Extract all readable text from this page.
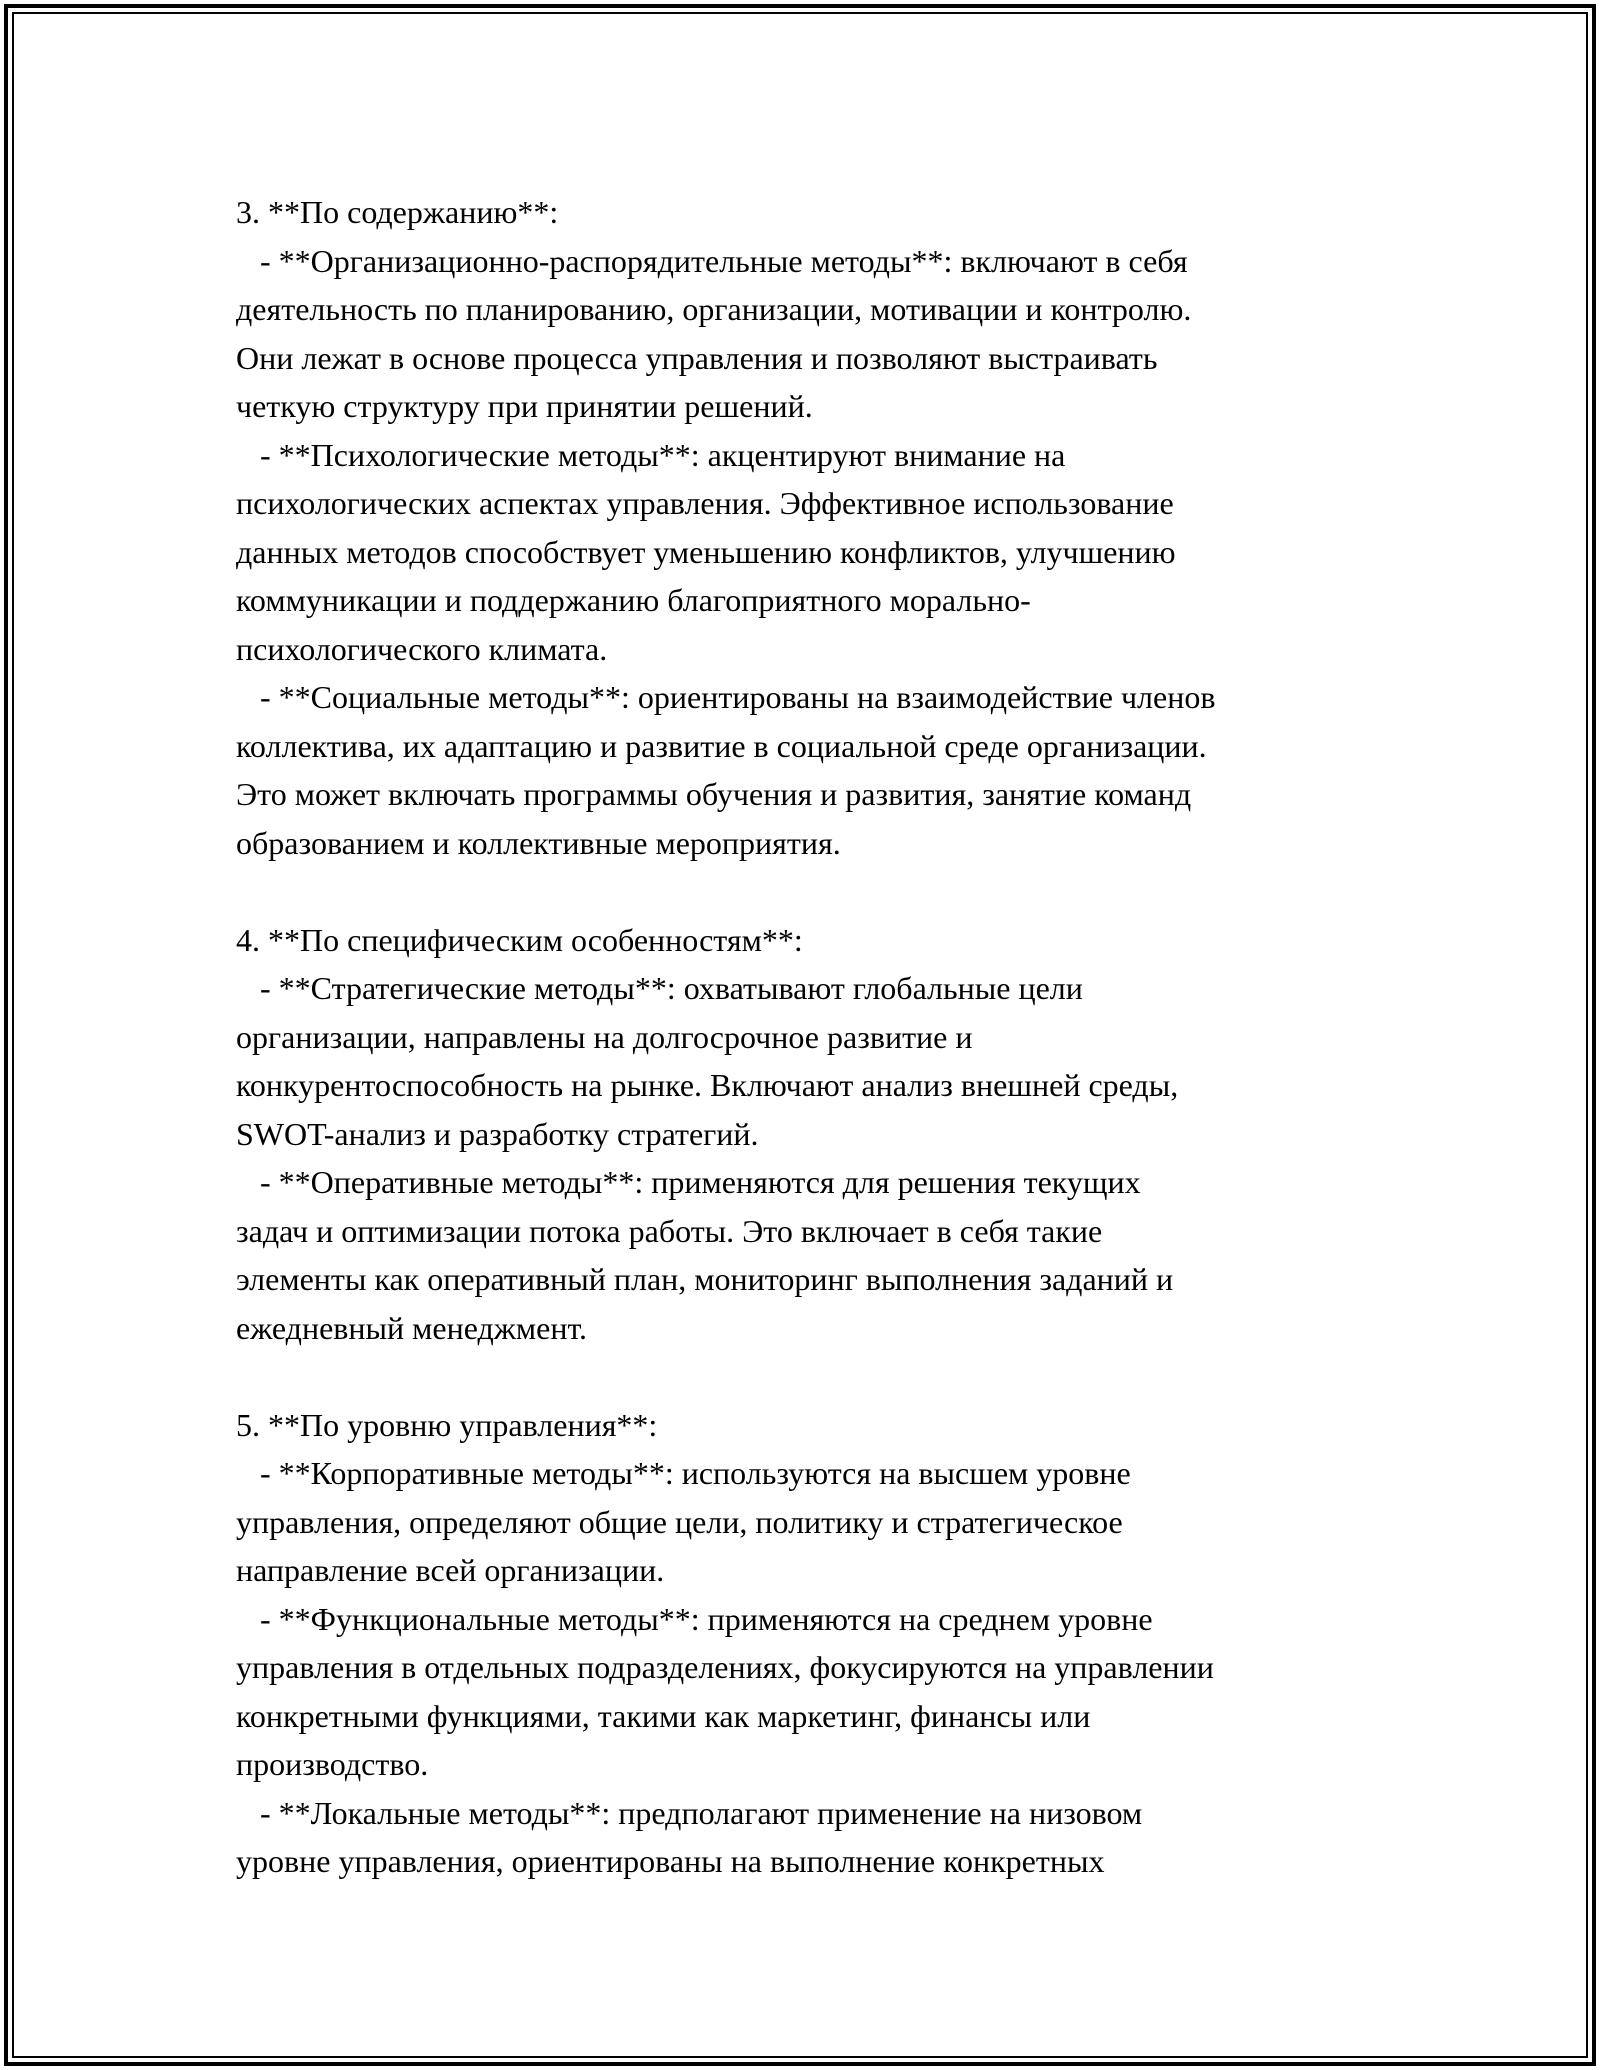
3. **По содержанию**:
- **Организационно-распорядительные методы**: включают в себя
деятельность по планированию, организации, мотивации и контролю.
Они лежат в основе процесса управления и позволяют выстраивать
четкую структуру при принятии решений.
- **Психологические методы**: акцентируют внимание на
психологических аспектах управления. Эффективное использование
данных методов способствует уменьшению конфликтов, улучшению
коммуникации и поддержанию благоприятного морально-
психологического климата.
- **Социальные методы**: ориентированы на взаимодействие членов
коллектива, их адаптацию и развитие в социальной среде организации.
Это может включать программы обучения и развития, занятие команд
образованием и коллективные мероприятия.
4. **По специфическим особенностям**:
- **Стратегические методы**: охватывают глобальные цели
организации, направлены на долгосрочное развитие и
конкурентоспособность на рынке. Включают анализ внешней среды,
SWOT-анализ и разработку стратегий.
- **Оперативные методы**: применяются для решения текущих
задач и оптимизации потока работы. Это включает в себя такие
элементы как оперативный план, мониторинг выполнения заданий и
ежедневный менеджмент.
5. **По уровню управления**:
- **Корпоративные методы**: используются на высшем уровне
управления, определяют общие цели, политику и стратегическое
направление всей организации.
- **Функциональные методы**: применяются на среднем уровне
управления в отдельных подразделениях, фокусируются на управлении
конкретными функциями, такими как маркетинг, финансы или
производство.
- **Локальные методы**: предполагают применение на низовом
уровне управления, ориентированы на выполнение конкретных
